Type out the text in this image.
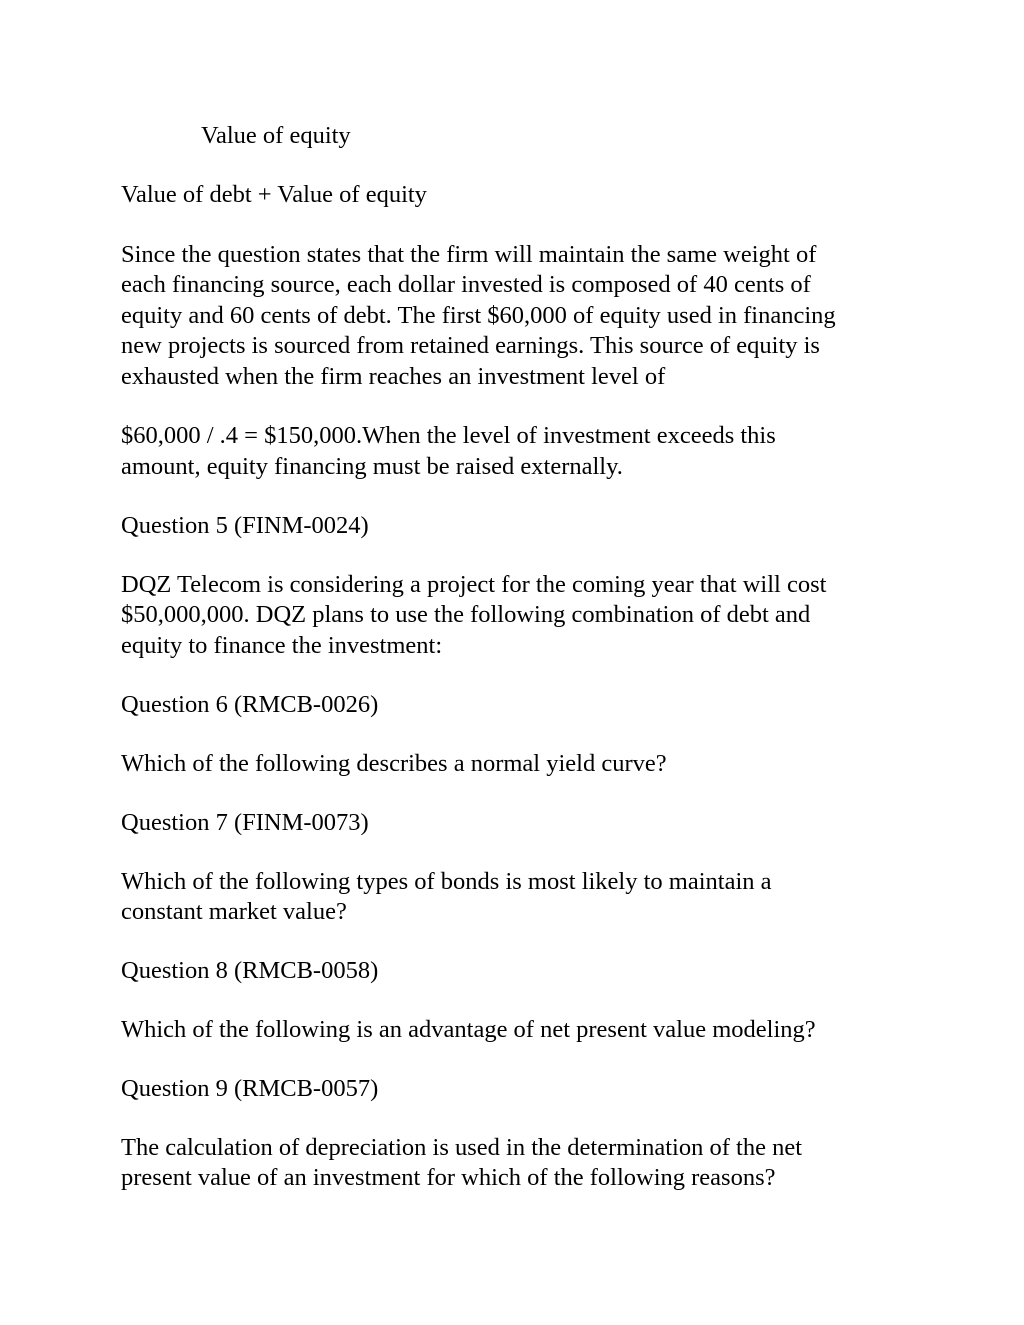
Value of equity

Value of debt + Value of equity

Since the question states that the firm will maintain the same weight of

each financing source, each dollar invested is composed of 40 cents of

equity and 60 cents of debt. The first $60,000 of equity used in financing

new projects is sourced from retained earnings. This source of equity is

exhausted when the firm reaches an investment level of

$60,000 / .4 = $150,000.When the level of investment exceeds this

amount, equity financing must be raised externally.

Question 5 (FINM-0024)

DQZ Telecom is considering a project for the coming year that will cost

$50,000,000. DQZ plans to use the following combination of debt and

equity to finance the investment:

Question 6 (RMCB-0026)

Which of the following describes a normal yield curve?

Question 7 (FINM-0073)

Which of the following types of bonds is most likely to maintain a

constant market value?

Question 8 (RMCB-0058)

Which of the following is an advantage of net present value modeling?

Question 9 (RMCB-0057)

The calculation of depreciation is used in the determination of the net

present value of an investment for which of the following reasons?
